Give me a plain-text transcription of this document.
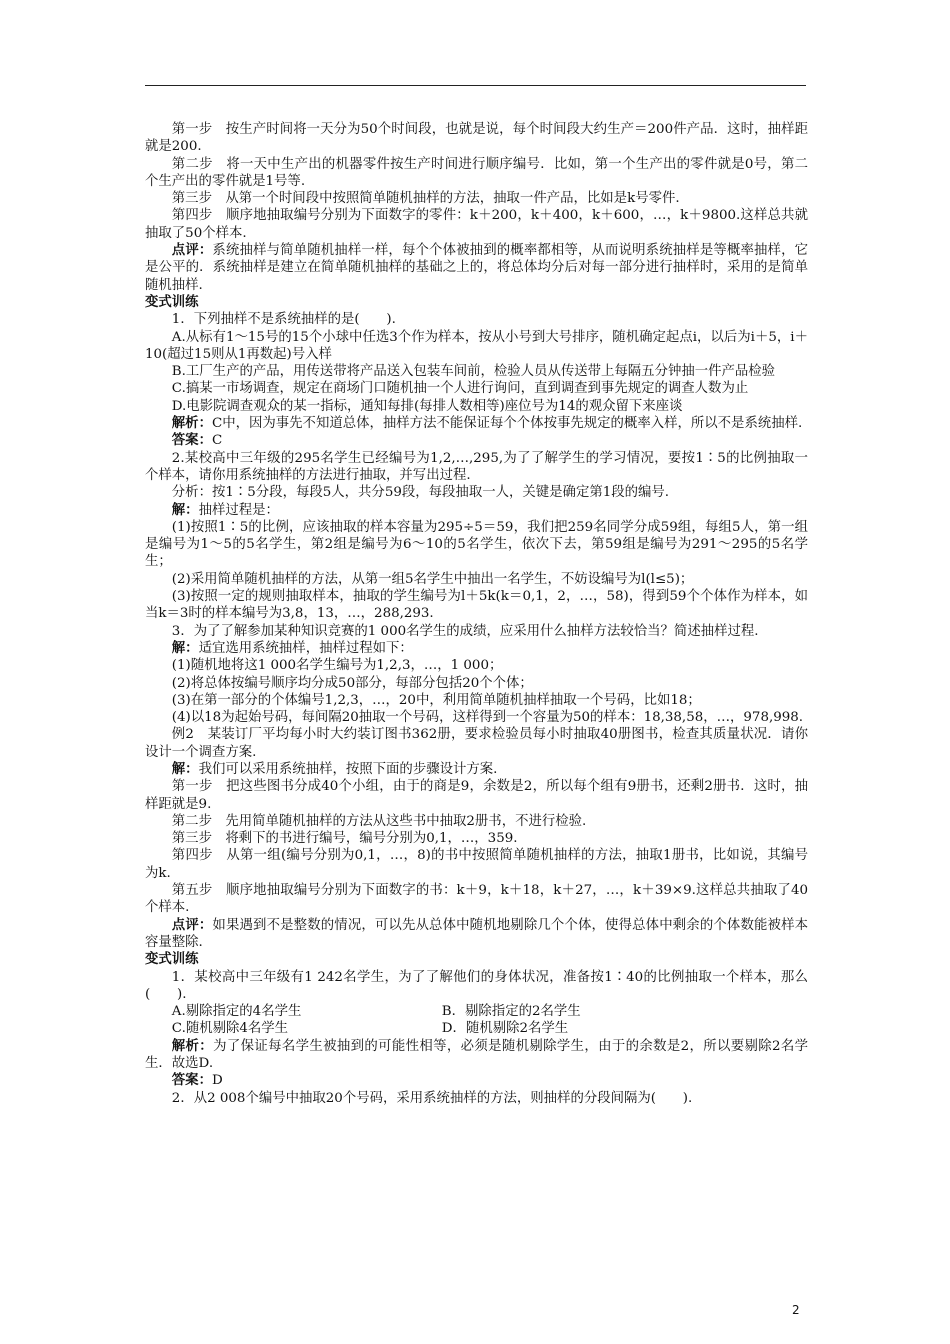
第一步　按生产时间将一天分为50个时间段，也就是说，每个时间段大约生产＝200件产品．这时，抽样距就是200.

第二步　将一天中生产出的机器零件按生产时间进行顺序编号．比如，第一个生产出的零件就是0号，第二个生产出的零件就是1号等.

第三步　从第一个时间段中按照简单随机抽样的方法，抽取一件产品，比如是k号零件.

第四步　顺序地抽取编号分别为下面数字的零件：k＋200，k＋400，k＋600，…，k＋9800.这样总共就抽取了50个样本.

点评：系统抽样与简单随机抽样一样，每个个体被抽到的概率都相等，从而说明系统抽样是等概率抽样，它是公平的．系统抽样是建立在简单随机抽样的基础之上的，将总体均分后对每一部分进行抽样时，采用的是简单随机抽样.

变式训练

1．下列抽样不是系统抽样的是(　　).

A.从标有1～15号的15个小球中任选3个作为样本，按从小号到大号排序，随机确定起点i，以后为i＋5，i＋10(超过15则从1再数起)号入样

B.工厂生产的产品，用传送带将产品送入包装车间前，检验人员从传送带上每隔五分钟抽一件产品检验

C.搞某一市场调查，规定在商场门口随机抽一个人进行询问，直到调查到事先规定的调查人数为止

D.电影院调查观众的某一指标，通知每排(每排人数相等)座位号为14的观众留下来座谈

解析：C中，因为事先不知道总体，抽样方法不能保证每个个体按事先规定的概率入样，所以不是系统抽样.

答案：C

2.某校高中三年级的295名学生已经编号为1,2,…,295,为了了解学生的学习情况，要按1∶5的比例抽取一个样本，请你用系统抽样的方法进行抽取，并写出过程.

分析：按1∶5分段，每段5人，共分59段，每段抽取一人，关键是确定第1段的编号.

解：抽样过程是：

(1)按照1∶5的比例，应该抽取的样本容量为295÷5＝59，我们把259名同学分成59组，每组5人，第一组是编号为1～5的5名学生，第2组是编号为6～10的5名学生，依次下去，第59组是编号为291～295的5名学生；

(2)采用简单随机抽样的方法，从第一组5名学生中抽出一名学生，不妨设编号为l(l≤5)；

(3)按照一定的规则抽取样本，抽取的学生编号为l＋5k(k＝0,1，2，…，58)，得到59个个体作为样本，如当k＝3时的样本编号为3,8，13，…，288,293.

3．为了了解参加某种知识竞赛的1 000名学生的成绩，应采用什么抽样方法较恰当？简述抽样过程.

解：适宜选用系统抽样，抽样过程如下：

(1)随机地将这1 000名学生编号为1,2,3，…，1 000；

(2)将总体按编号顺序均分成50部分，每部分包括20个个体；

(3)在第一部分的个体编号1,2,3，…，20中，利用简单随机抽样抽取一个号码，比如18；

(4)以18为起始号码，每间隔20抽取一个号码，这样得到一个容量为50的样本：18,38,58，…，978,998.

例2　某装订厂平均每小时大约装订图书362册，要求检验员每小时抽取40册图书，检查其质量状况．请你设计一个调查方案.

解：我们可以采用系统抽样，按照下面的步骤设计方案.

第一步　把这些图书分成40个小组，由于的商是9，余数是2，所以每个组有9册书，还剩2册书．这时，抽样距就是9.

第二步　先用简单随机抽样的方法从这些书中抽取2册书，不进行检验.

第三步　将剩下的书进行编号，编号分别为0,1，…，359.

第四步　从第一组(编号分别为0,1，…，8)的书中按照简单随机抽样的方法，抽取1册书，比如说，其编号为k.

第五步　顺序地抽取编号分别为下面数字的书：k＋9，k＋18，k＋27，…，k＋39×9.这样总共抽取了40个样本.

点评：如果遇到不是整数的情况，可以先从总体中随机地剔除几个个体，使得总体中剩余的个体数能被样本容量整除.

变式训练

1．某校高中三年级有1 242名学生，为了了解他们的身体状况，准备按1∶40的比例抽取一个样本，那么(　　).

A.剔除指定的4名学生	B．剔除指定的2名学生
C.随机剔除4名学生	D．随机剔除2名学生

解析：为了保证每名学生被抽到的可能性相等，必须是随机剔除学生，由于的余数是2，所以要剔除2名学生．故选D.

答案：D

2．从2 008个编号中抽取20个号码，采用系统抽样的方法，则抽样的分段间隔为(　　).

2
